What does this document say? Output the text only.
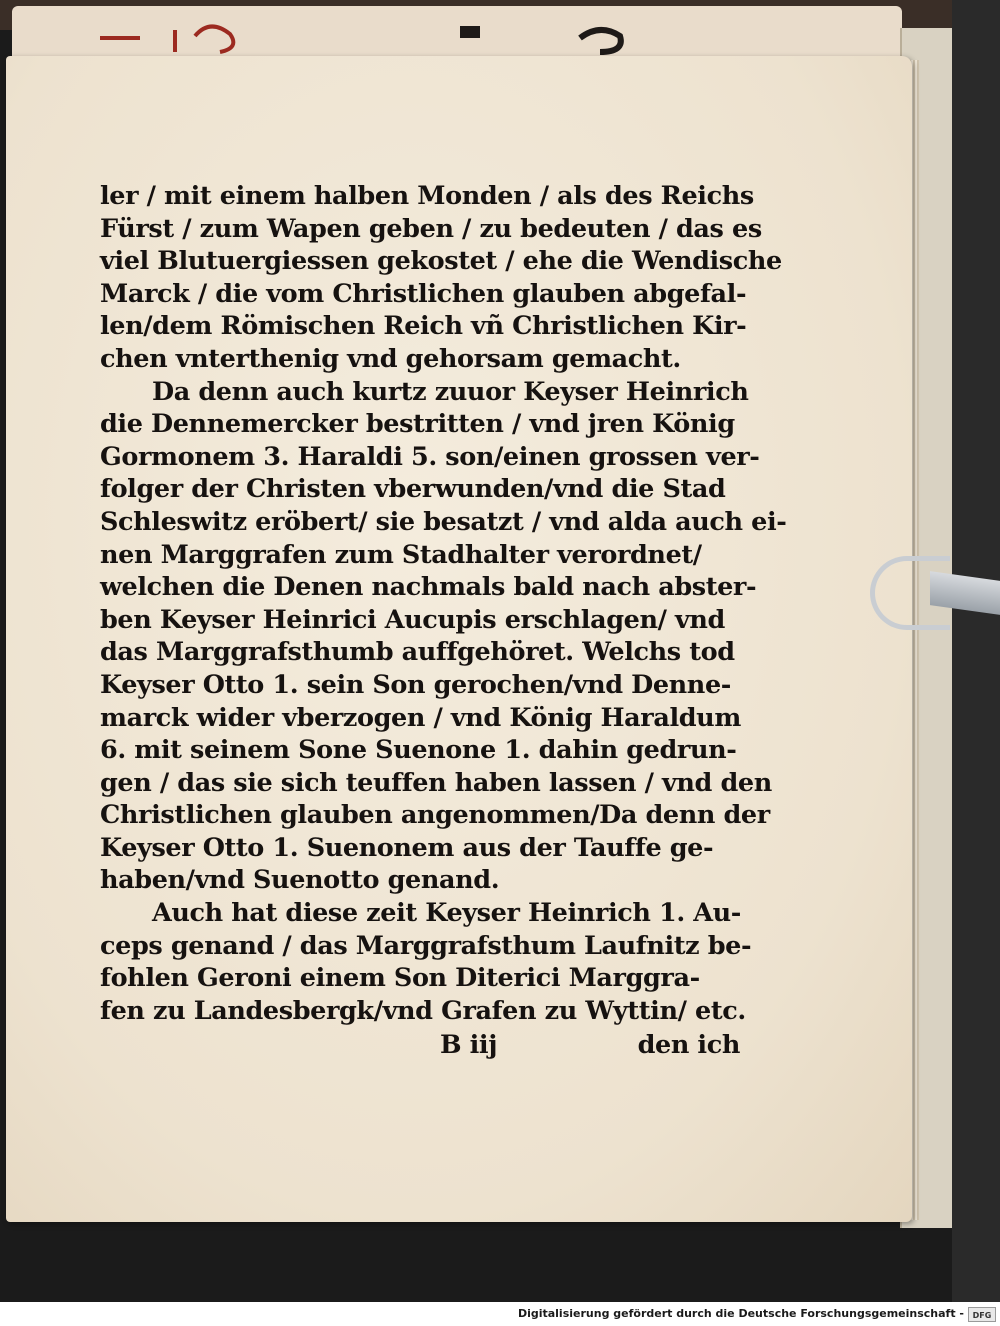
ler / mit einem halben Monden / als des Reichs
Fürst / zum Wapen geben / zu bedeuten / das es
viel Blutuergiessen gekostet / ehe die Wendische
Marck / die vom Christlichen glauben abgefal-
len/dem Römischen Reich vñ Christlichen Kir-
chen vnterthenig vnd gehorsam gemacht.
Da denn auch kurtz zuuor Keyser Heinrich
die Dennemercker bestritten / vnd jren König
Gormonem 3. Haraldi 5. son/einen grossen ver-
folger der Christen vberwunden/vnd die Stad
Schleswitz eröbert/ sie besatzt / vnd alda auch ei-
nen Marggrafen zum Stadhalter verordnet/
welchen die Denen nachmals bald nach abster-
ben Keyser Heinrici Aucupis erschlagen/ vnd
das Marggrafsthumb auffgehöret. Welchs tod
Keyser Otto 1. sein Son gerochen/vnd Denne-
marck wider vberzogen / vnd König Haraldum
6. mit seinem Sone Suenone 1. dahin gedrun-
gen / das sie sich teuffen haben lassen / vnd den
Christlichen glauben angenommen/Da denn der
Keyser Otto 1. Suenonem aus der Tauffe ge-
haben/vnd Suenotto genand.
Auch hat diese zeit Keyser Heinrich 1. Au-
ceps genand / das Marggrafsthum Laufnitz be-
fohlen Geroni einem Son Diterici Marggra-
fen zu Landesbergk/vnd Grafen zu Wyttin/ etc.
B iij	den ich
Digitalisierung gefördert durch die Deutsche Forschungsgemeinschaft -	DFG
